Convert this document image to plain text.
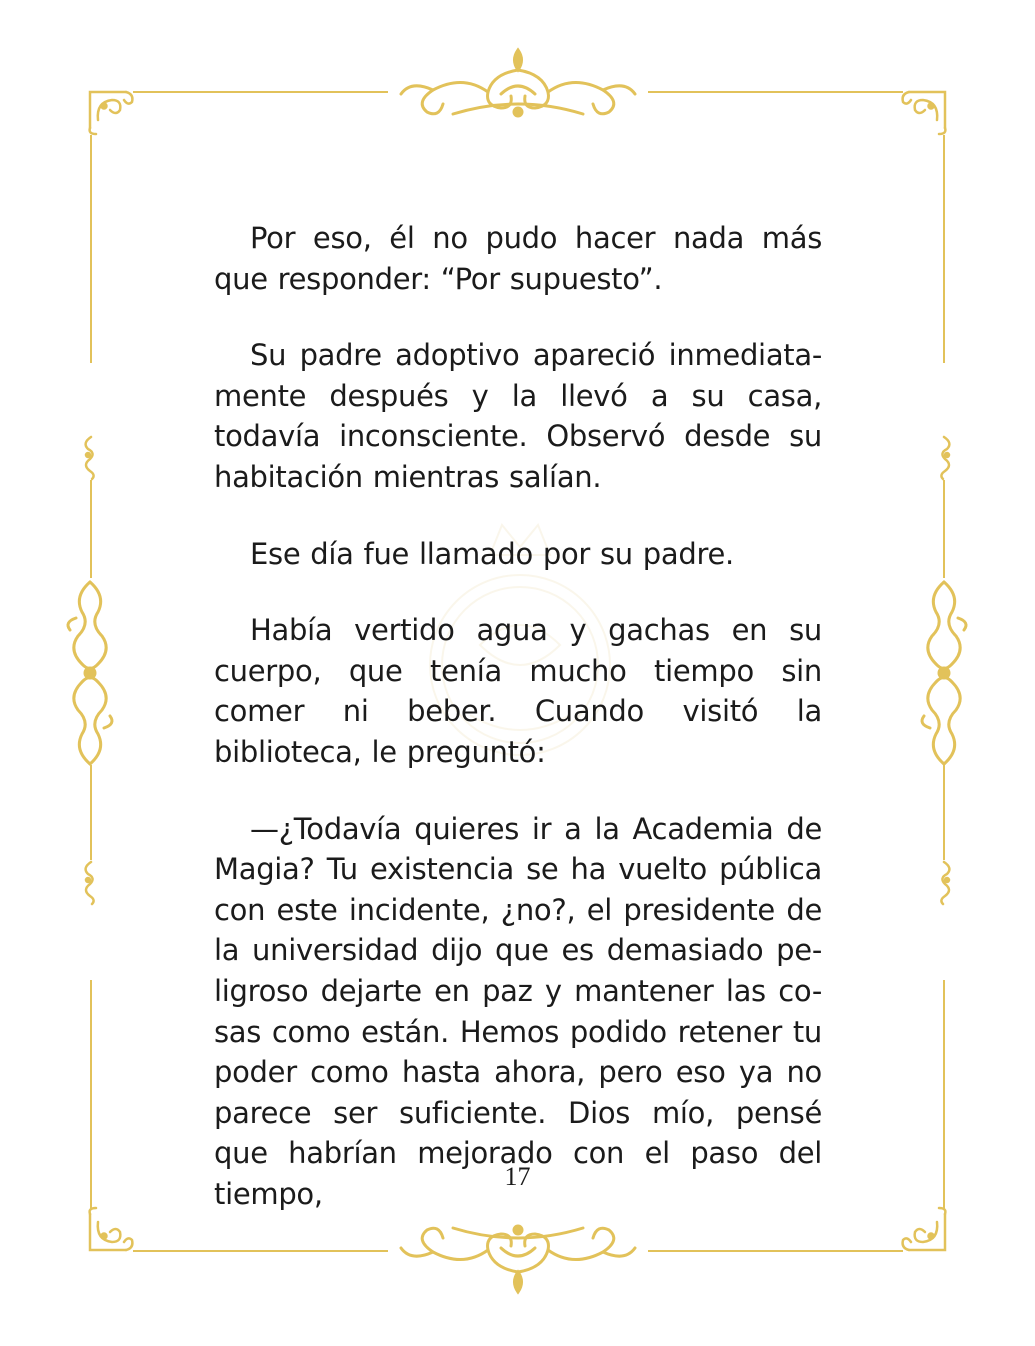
Por eso, él no pudo hacer nada más que responder: “Por supuesto”.

Su padre adoptivo apareció inmediata-mente después y la llevó a su casa, todavía inconsciente. Observó desde su habitación mientras salían.

Ese día fue llamado por su padre.

Había vertido agua y gachas en su cuerpo, que tenía mucho tiempo sin comer ni beber. Cuando visitó la biblioteca, le preguntó:

—¿Todavía quieres ir a la Academia de Magia? Tu existencia se ha vuelto pública con este incidente, ¿no?, el presidente de la universidad dijo que es demasiado pe-ligroso dejarte en paz y mantener las co-sas como están. Hemos podido retener tu poder como hasta ahora, pero eso ya no parece ser suficiente. Dios mío, pensé que habrían mejorado con el paso del tiempo,

17
